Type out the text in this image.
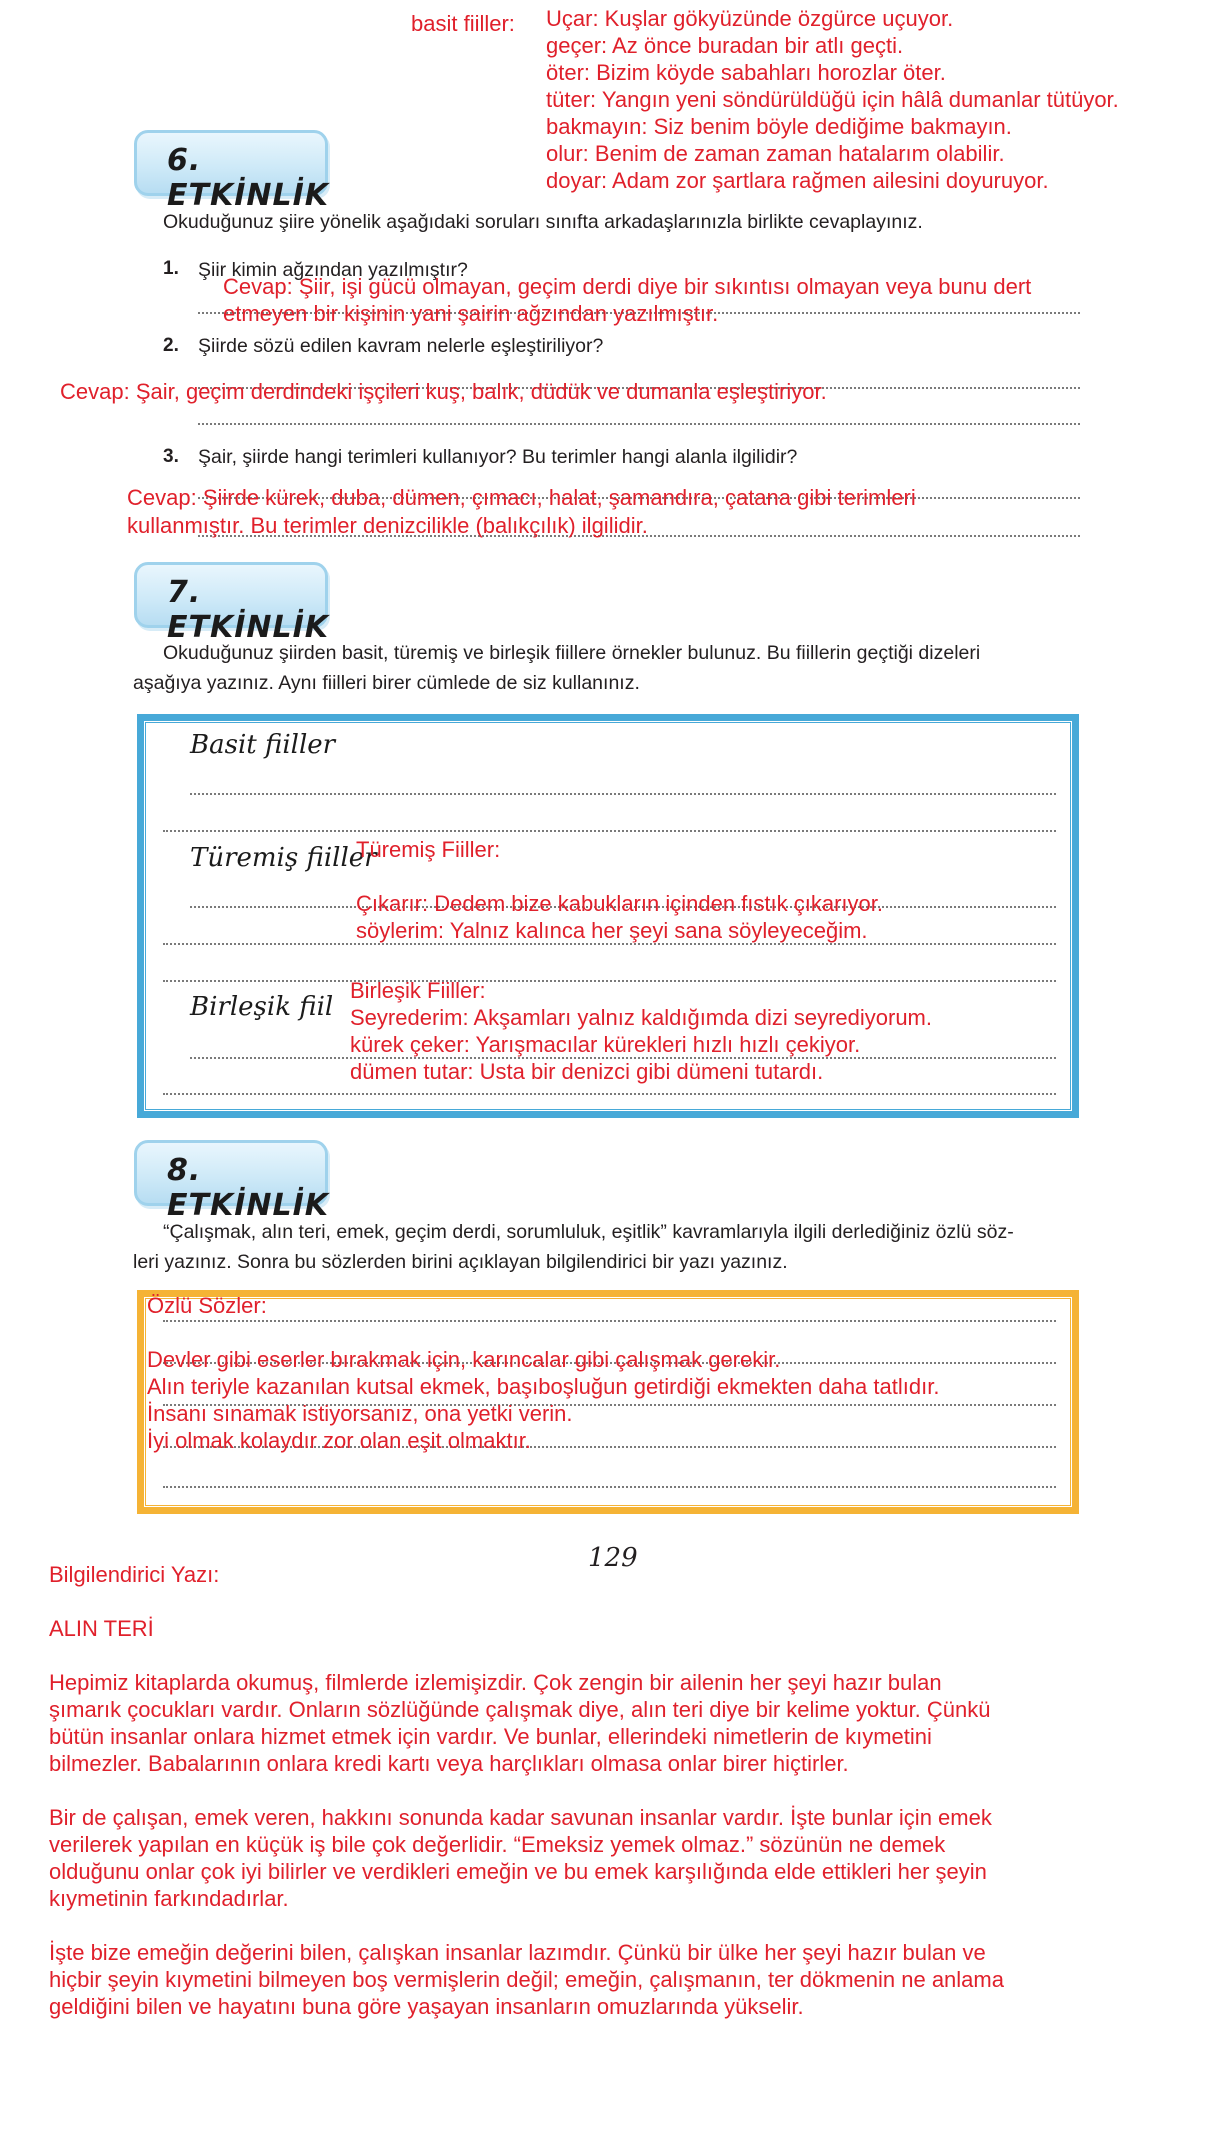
basit fiiller: Uçar: Kuşlar gökyüzünde özgürce uçuyor.
geçer: Az önce buradan bir atlı geçti.
öter: Bizim köyde sabahları horozlar öter.
tüter: Yangın yeni söndürüldüğü için hâlâ dumanlar tütüyor.
bakmayın: Siz benim böyle dediğime bakmayın.
olur: Benim de zaman zaman hatalarım olabilir.
doyar: Adam zor şartlara rağmen ailesini doyuruyor.
6. ETKİNLİK
Okuduğunuz şiire yönelik aşağıdaki soruları sınıfta arkadaşlarınızla birlikte cevaplayınız.
1. Şiir kimin ağzından yazılmıştır?
Cevap: Şiir, işi gücü olmayan, geçim derdi diye bir sıkıntısı olmayan veya bunu dert
etmeyen bir kişinin yani şairin ağzından yazılmıştır.
2. Şiirde sözü edilen kavram nelerle eşleştiriliyor?
Cevap: Şair, geçim derdindeki işçileri kuş, balık, düdük ve dumanla eşleştiriyor.
3. Şair, şiirde hangi terimleri kullanıyor? Bu terimler hangi alanla ilgilidir?
Cevap: Şiirde kürek, duba, dümen, çımacı, halat, şamandıra, çatana gibi terimleri
kullanmıştır. Bu terimler denizcilikle (balıkçılık) ilgilidir.
7. ETKİNLİK
Okuduğunuz şiirden basit, türemiş ve birleşik fiillere örnekler bulunuz. Bu fiillerin geçtiği dizeleri
aşağıya yazınız. Aynı fiilleri birer cümlede de siz kullanınız.
Basit fiiller
Türemiş fiiller
Türemiş Fiiller:
Çıkarır: Dedem bize kabukların içinden fıstık çıkarıyor.
söylerim: Yalnız kalınca her şeyi sana söyleyeceğim.
Birleşik fiil
Birleşik Fiiller:
Seyrederim: Akşamları yalnız kaldığımda dizi seyrediyorum.
kürek çeker: Yarışmacılar kürekleri hızlı hızlı çekiyor.
dümen tutar: Usta bir denizci gibi dümeni tutardı.
8. ETKİNLİK
“Çalışmak, alın teri, emek, geçim derdi, sorumluluk, eşitlik” kavramlarıyla ilgili derlediğiniz özlü söz-
leri yazınız. Sonra bu sözlerden birini açıklayan bilgilendirici bir yazı yazınız.
Özlü Sözler:
Devler gibi eserler bırakmak için, karıncalar gibi çalışmak gerekir.
Alın teriyle kazanılan kutsal ekmek, başıboşluğun getirdiği ekmekten daha tatlıdır.
İnsanı sınamak istiyorsanız, ona yetki verin.
İyi olmak kolaydır zor olan eşit olmaktır.
129
Bilgilendirici Yazı:
ALIN TERİ
Hepimiz kitaplarda okumuş, filmlerde izlemişizdir. Çok zengin bir ailenin her şeyi hazır bulan
şımarık çocukları vardır. Onların sözlüğünde çalışmak diye, alın teri diye bir kelime yoktur. Çünkü
bütün insanlar onlara hizmet etmek için vardır. Ve bunlar, ellerindeki nimetlerin de kıymetini
bilmezler. Babalarının onlara kredi kartı veya harçlıkları olmasa onlar birer hiçtirler.
Bir de çalışan, emek veren, hakkını sonunda kadar savunan insanlar vardır. İşte bunlar için emek
verilerek yapılan en küçük iş bile çok değerlidir. “Emeksiz yemek olmaz.” sözünün ne demek
olduğunu onlar çok iyi bilirler ve verdikleri emeğin ve bu emek karşılığında elde ettikleri her şeyin
kıymetinin farkındadırlar.
İşte bize emeğin değerini bilen, çalışkan insanlar lazımdır. Çünkü bir ülke her şeyi hazır bulan ve
hiçbir şeyin kıymetini bilmeyen boş vermişlerin değil; emeğin, çalışmanın, ter dökmenin ne anlama
geldiğini bilen ve hayatını buna göre yaşayan insanların omuzlarında yükselir.
